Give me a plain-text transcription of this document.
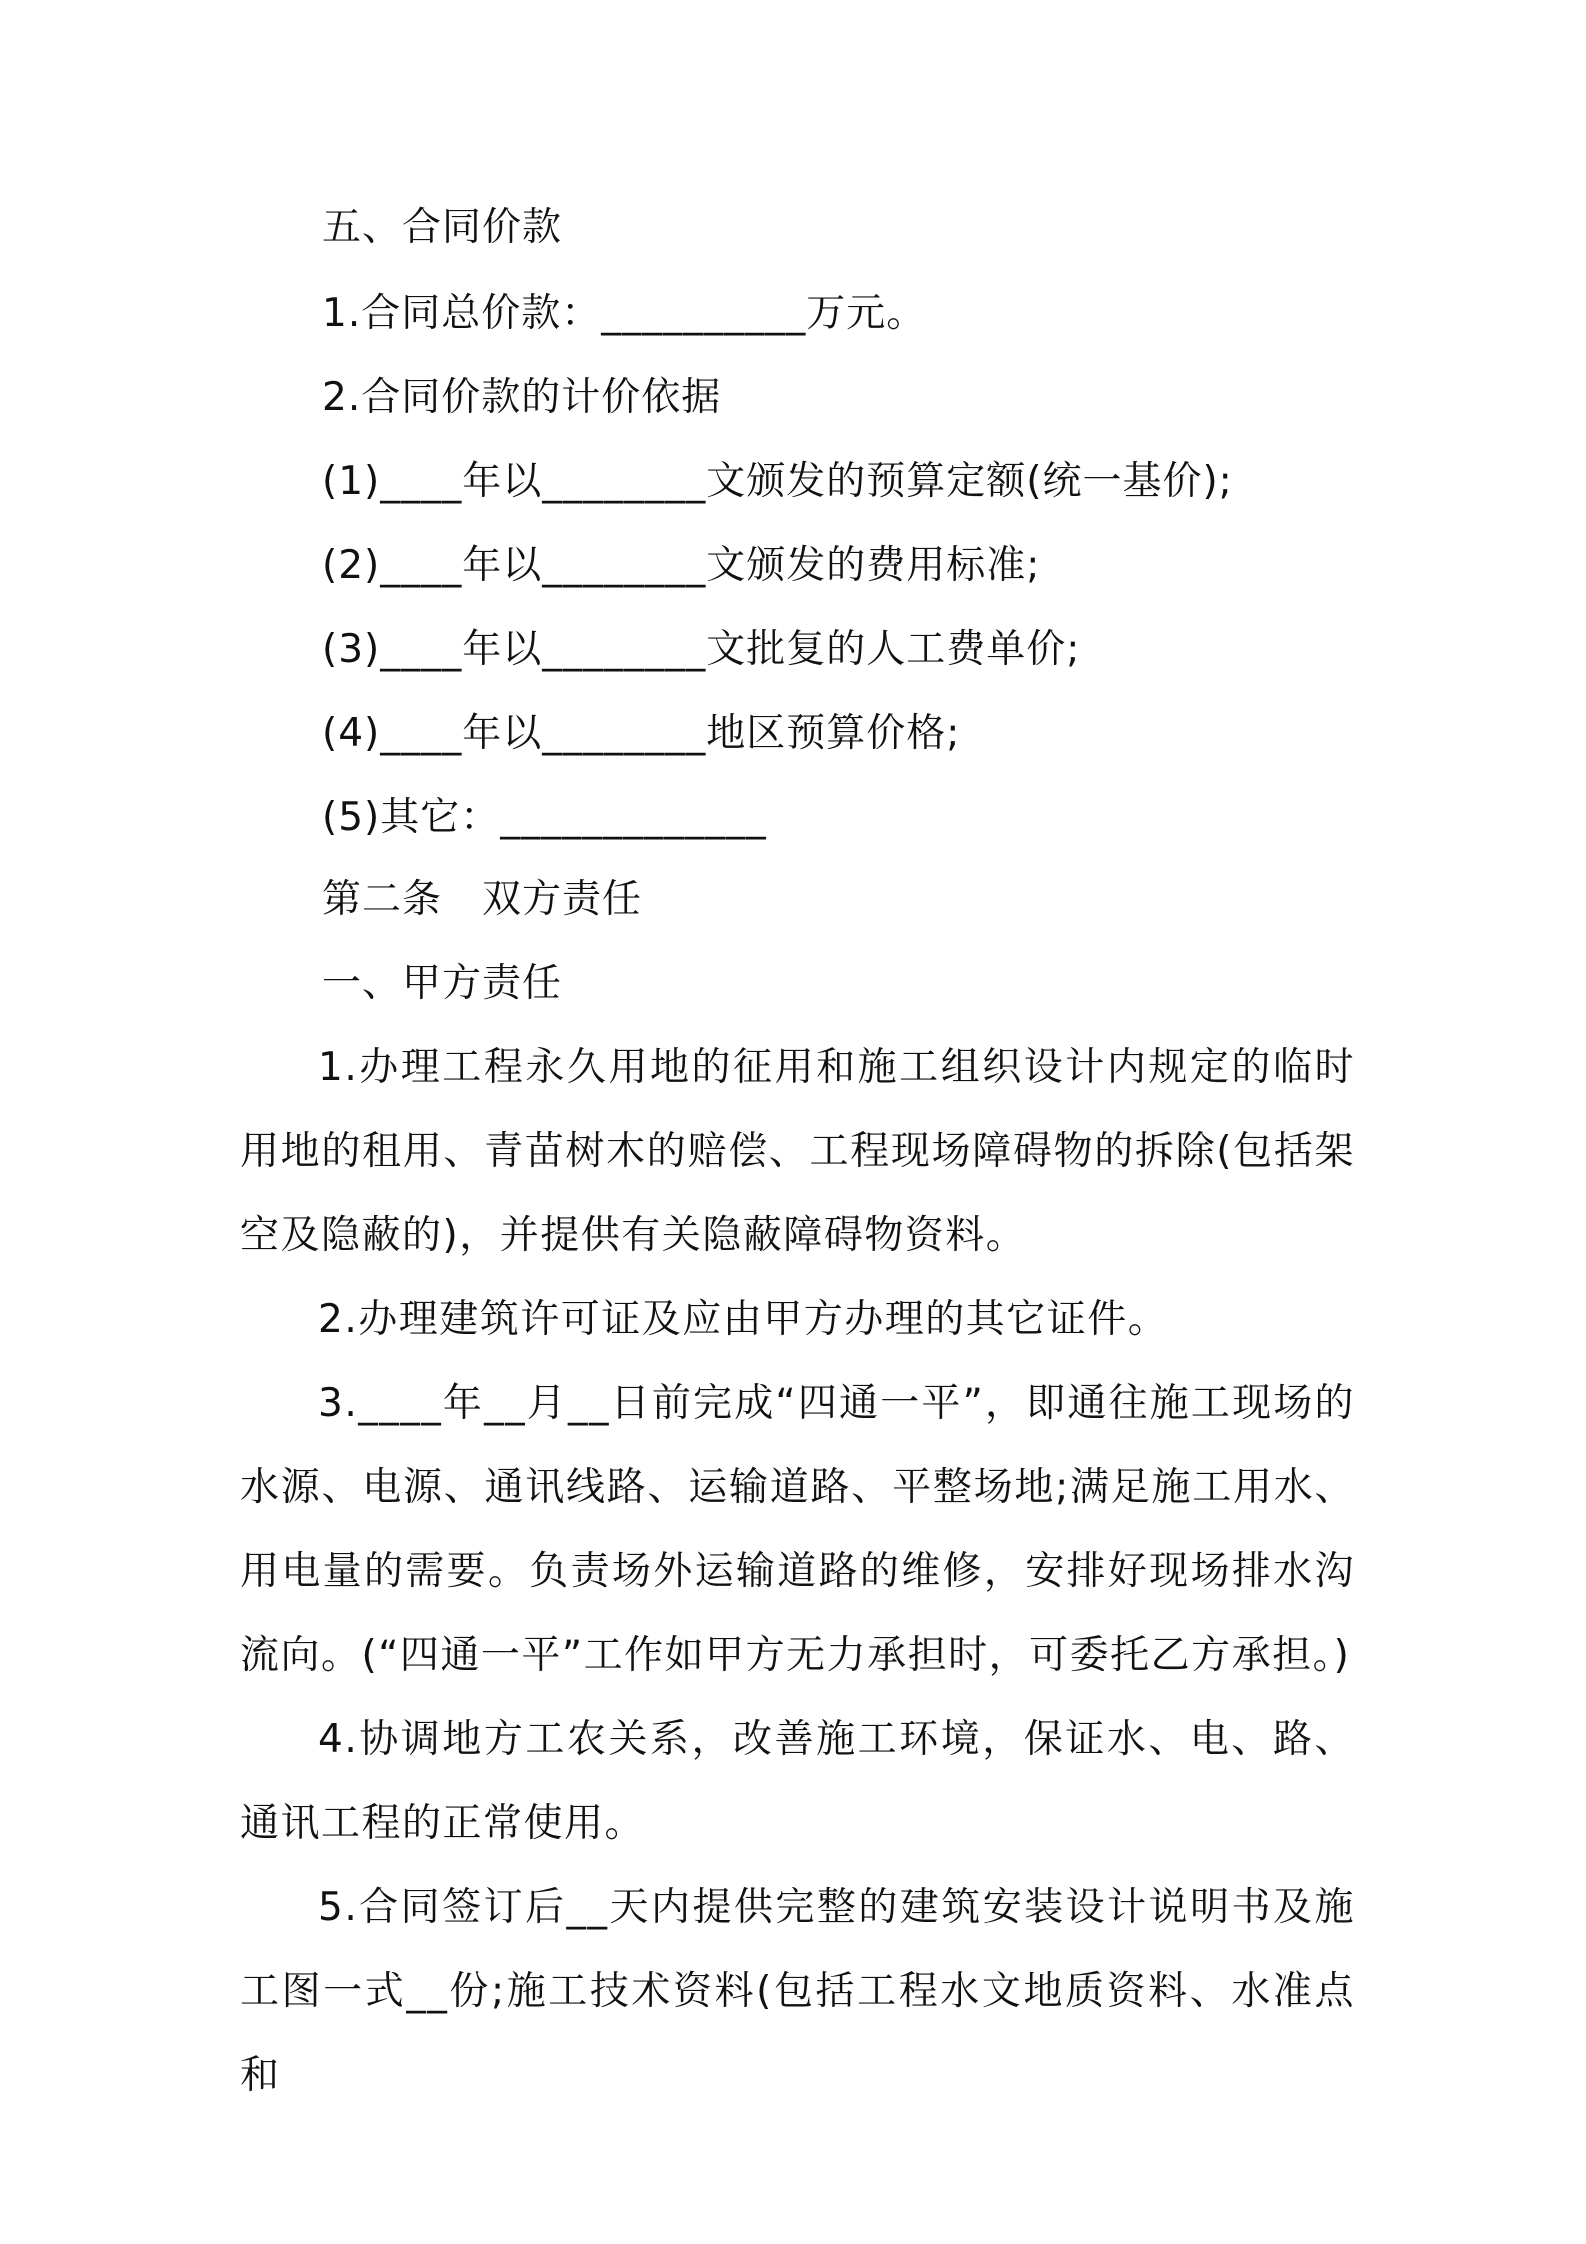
五、合同价款
1.合同总价款：__________万元。
2.合同价款的计价依据
(1)____年以________文颁发的预算定额(统一基价);
(2)____年以________文颁发的费用标准;
(3)____年以________文批复的人工费单价;
(4)____年以________地区预算价格;
(5)其它：_____________
第二条　双方责任
一、甲方责任

1.办理工程永久用地的征用和施工组织设计内规定的临时用地的租用、青苗树木的赔偿、工程现场障碍物的拆除(包括架空及隐蔽的)，并提供有关隐蔽障碍物资料。

2.办理建筑许可证及应由甲方办理的其它证件。

3.____年__月__日前完成“四通一平”，即通往施工现场的水源、电源、通讯线路、运输道路、平整场地;满足施工用水、用电量的需要。负责场外运输道路的维修，安排好现场排水沟流向。(“四通一平”工作如甲方无力承担时，可委托乙方承担。)

4.协调地方工农关系，改善施工环境，保证水、电、路、通讯工程的正常使用。

5.合同签订后__天内提供完整的建筑安装设计说明书及施工图一式__份;施工技术资料(包括工程水文地质资料、水准点和
